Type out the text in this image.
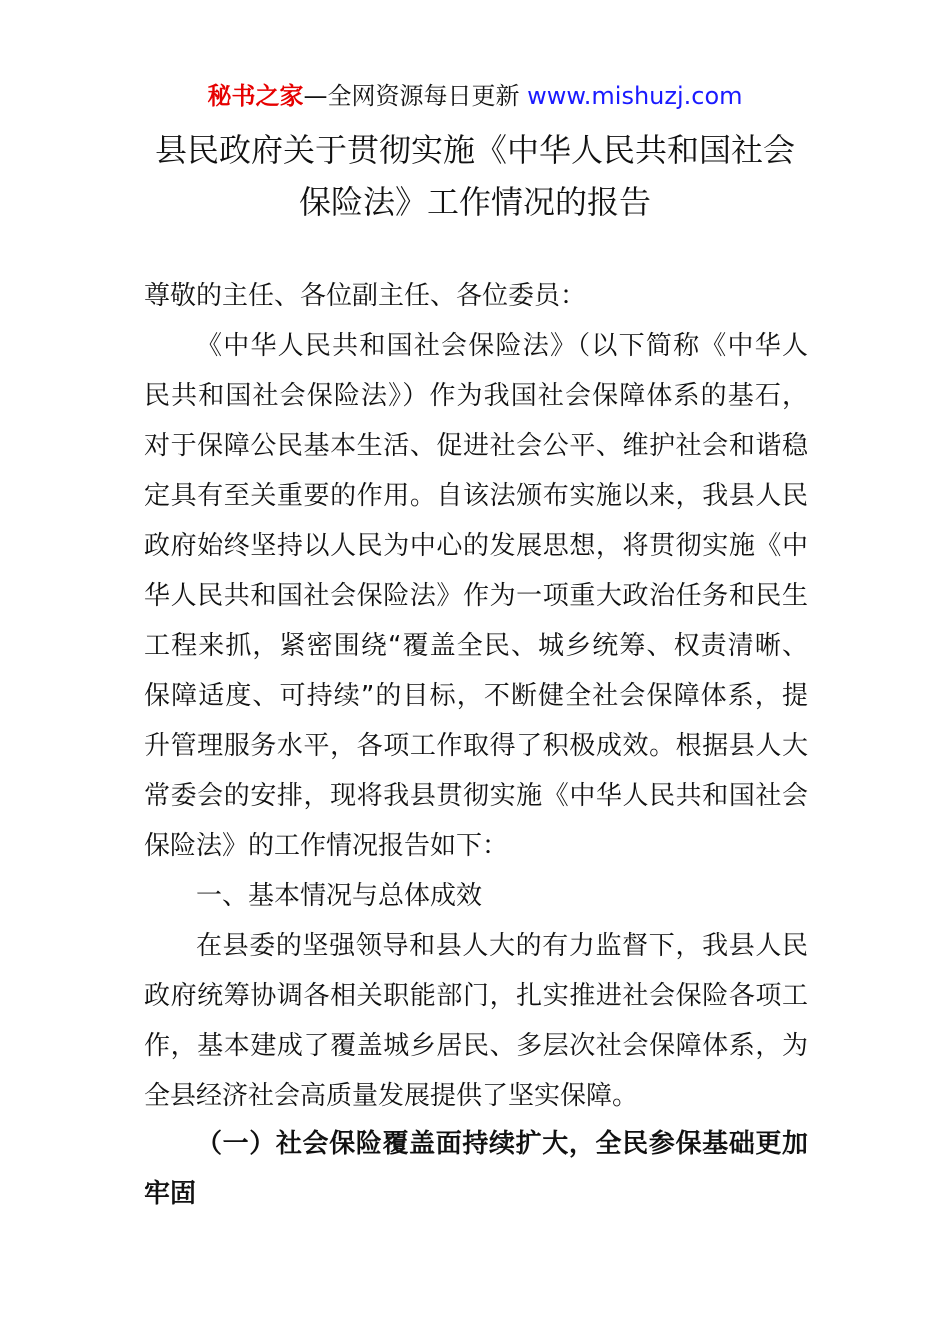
秘书之家—全网资源每日更新 www.mishuzj.com
县民政府关于贯彻实施《中华人民共和国社会
保险法》工作情况的报告
尊敬的主任、各位副主任、各位委员：
《中华人民共和国社会保险法》（以下简称《中华人
民共和国社会保险法》）作为我国社会保障体系的基石，
对于保障公民基本生活、促进社会公平、维护社会和谐稳
定具有至关重要的作用。自该法颁布实施以来，我县人民
政府始终坚持以人民为中心的发展思想，将贯彻实施《中
华人民共和国社会保险法》作为一项重大政治任务和民生
工程来抓，紧密围绕“覆盖全民、城乡统筹、权责清晰、
保障适度、可持续”的目标，不断健全社会保障体系，提
升管理服务水平，各项工作取得了积极成效。根据县人大
常委会的安排，现将我县贯彻实施《中华人民共和国社会
保险法》的工作情况报告如下：
一、基本情况与总体成效
在县委的坚强领导和县人大的有力监督下，我县人民
政府统筹协调各相关职能部门，扎实推进社会保险各项工
作，基本建成了覆盖城乡居民、多层次社会保障体系，为
全县经济社会高质量发展提供了坚实保障。
（一）社会保险覆盖面持续扩大，全民参保基础更加
牢固
